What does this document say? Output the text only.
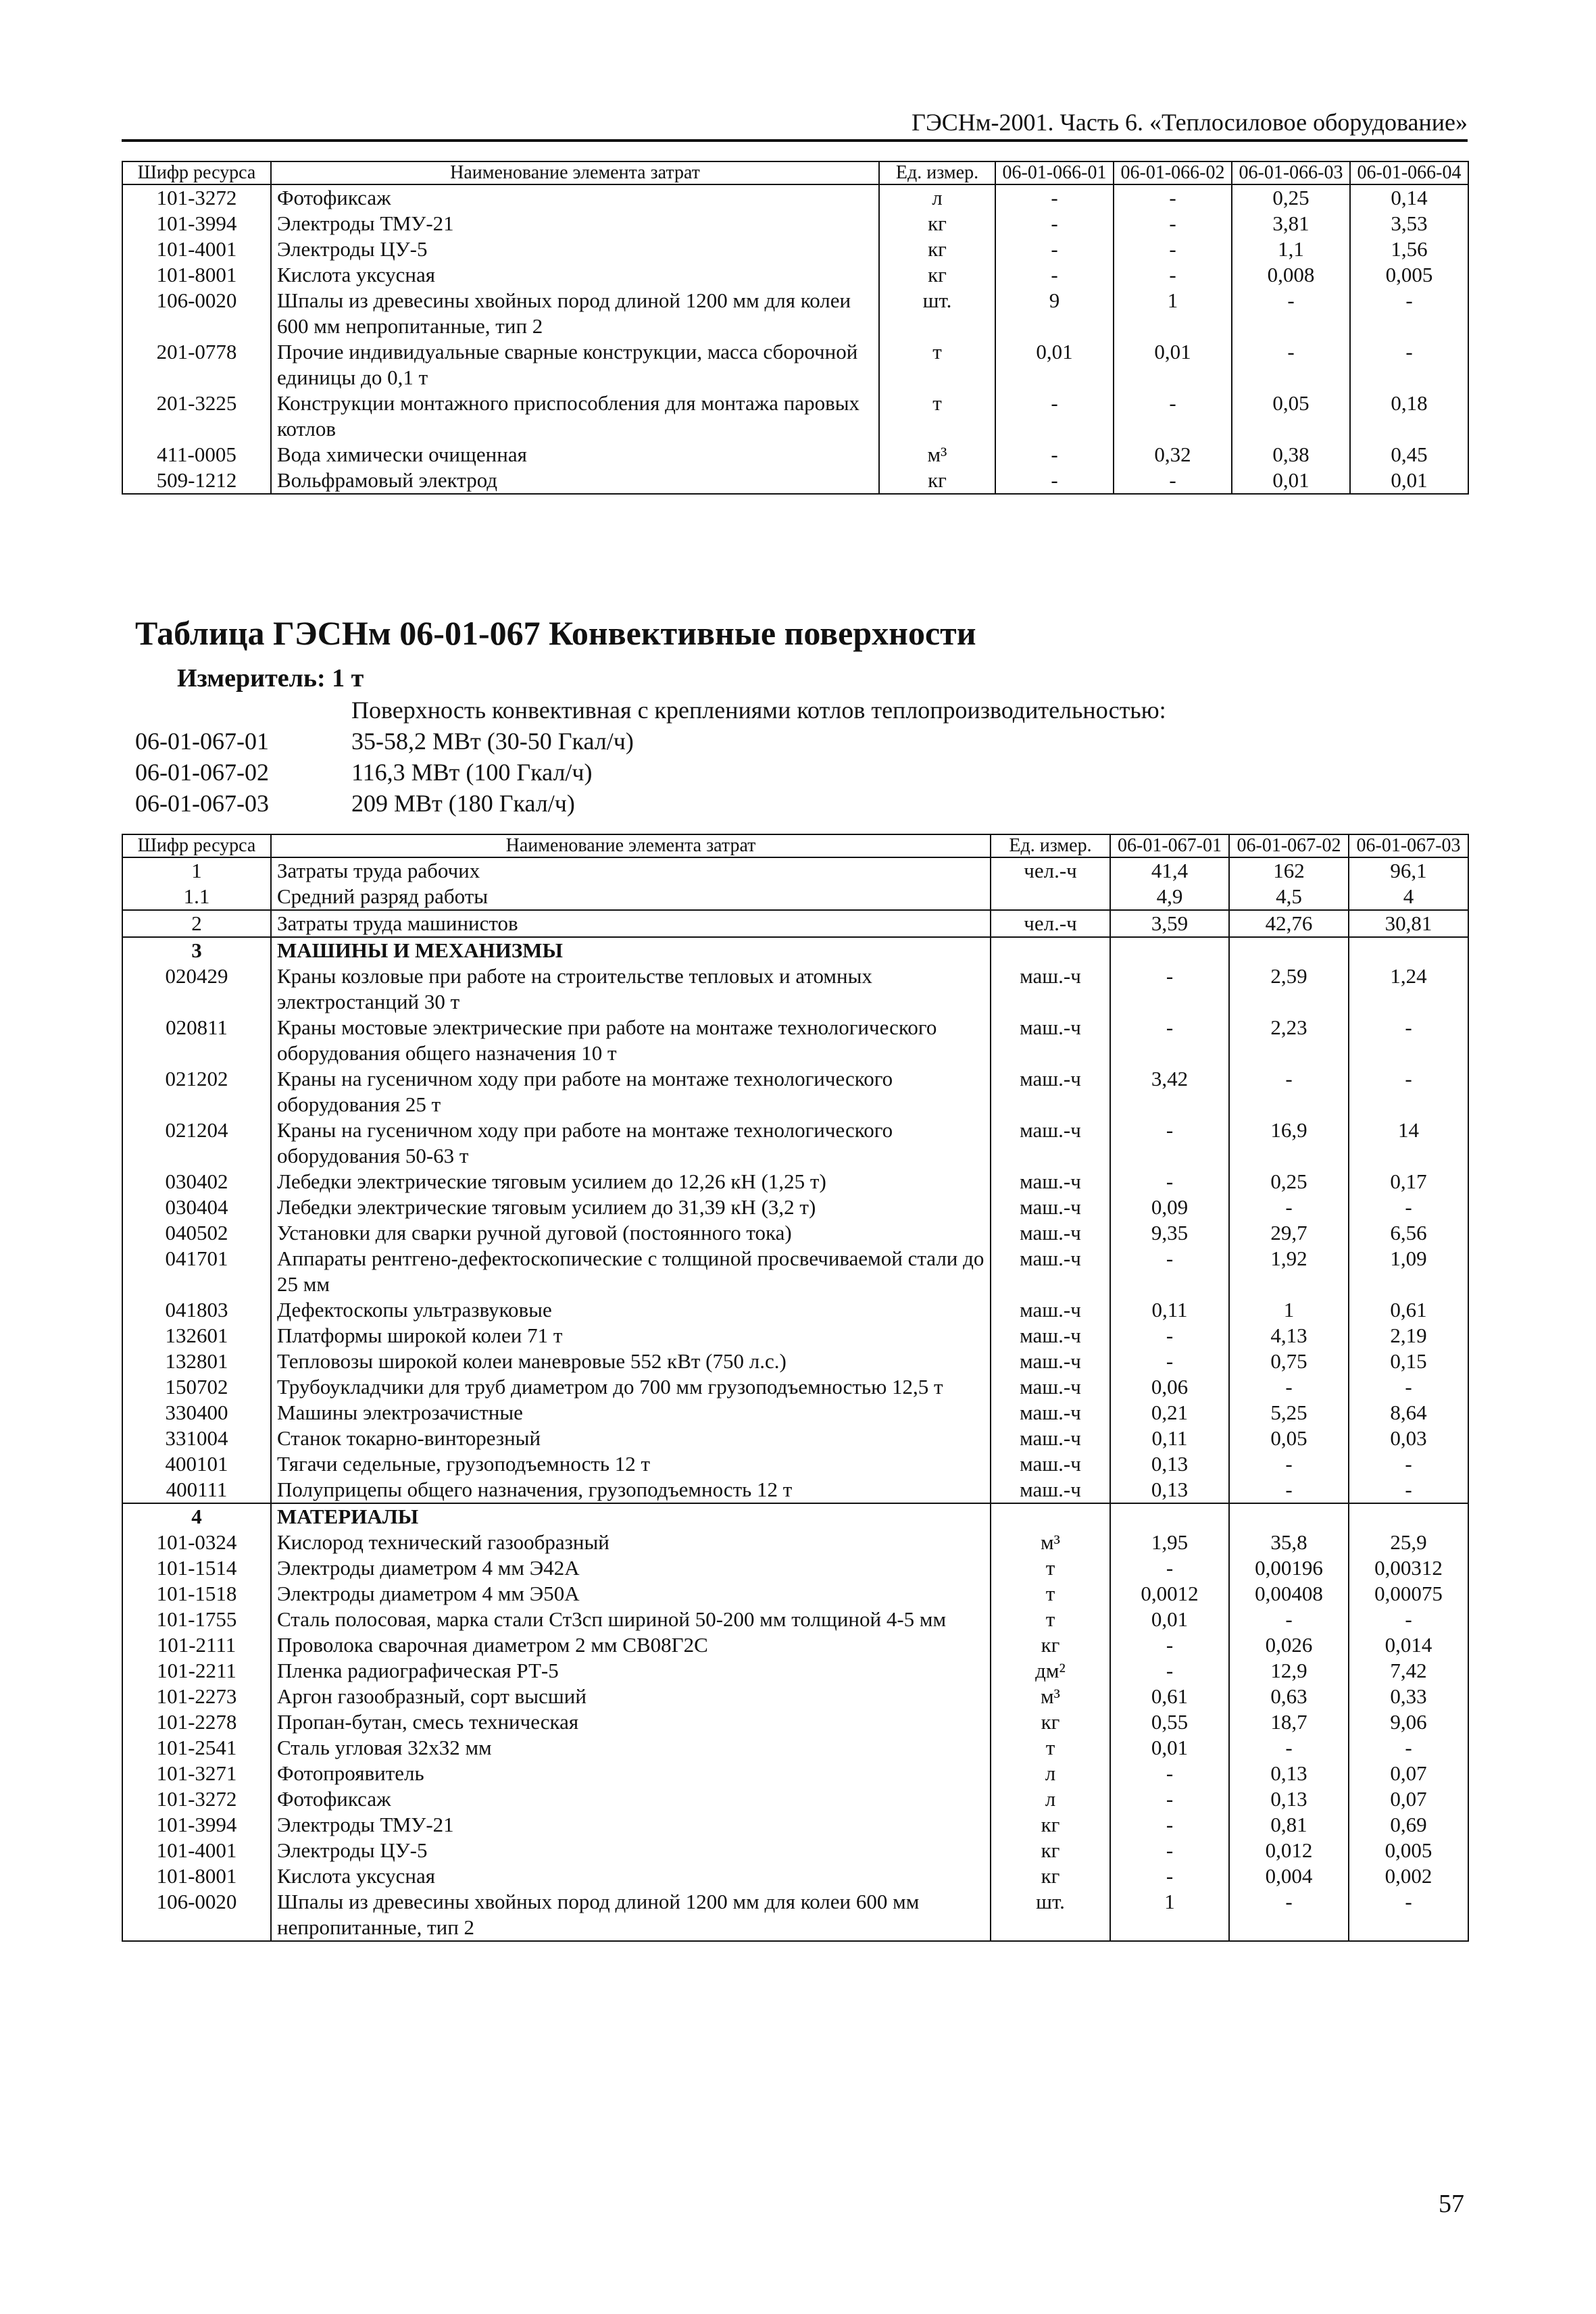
ГЭСНм-2001. Часть 6. «Теплосиловое оборудование»
Шифр ресурса	Наименование элемента затрат	Ед. измер.	06-01-066-01	06-01-066-02	06-01-066-03	06-01-066-04
101-3272	Фотофиксаж	л	-	-	0,25	0,14
101-3994	Электроды ТМУ-21	кг	-	-	3,81	3,53
101-4001	Электроды ЦУ-5	кг	-	-	1,1	1,56
101-8001	Кислота уксусная	кг	-	-	0,008	0,005
106-0020	Шпалы из древесины хвойных пород длиной 1200 мм для колеи 600 мм непропитанные, тип 2	шт.	9	1	-	-
201-0778	Прочие индивидуальные сварные конструкции, масса сборочной единицы до 0,1 т	т	0,01	0,01	-	-
201-3225	Конструкции монтажного приспособления для монтажа паровых котлов	т	-	-	0,05	0,18
411-0005	Вода химически очищенная	м³	-	0,32	0,38	0,45
509-1212	Вольфрамовый электрод	кг	-	-	0,01	0,01
Таблица ГЭСНм 06-01-067 Конвективные поверхности
Измеритель: 1 т
Поверхность конвективная с креплениями котлов теплопроизводительностью:
06-01-067-01	35-58,2 МВт (30-50 Гкал/ч)
06-01-067-02	116,3 МВт (100 Гкал/ч)
06-01-067-03	209 МВт (180 Гкал/ч)
Шифр ресурса	Наименование элемента затрат	Ед. измер.	06-01-067-01	06-01-067-02	06-01-067-03
1	Затраты труда рабочих	чел.-ч	41,4	162	96,1
1.1	Средний разряд работы		4,9	4,5	4
2	Затраты труда машинистов	чел.-ч	3,59	42,76	30,81
3	МАШИНЫ И МЕХАНИЗМЫ				
020429	Краны козловые при работе на строительстве тепловых и атомных электростанций 30 т	маш.-ч	-	2,59	1,24
020811	Краны мостовые электрические при работе на монтаже технологического оборудования общего назначения 10 т	маш.-ч	-	2,23	-
021202	Краны на гусеничном ходу при работе на монтаже технологического оборудования 25 т	маш.-ч	3,42	-	-
021204	Краны на гусеничном ходу при работе на монтаже технологического оборудования 50-63 т	маш.-ч	-	16,9	14
030402	Лебедки электрические тяговым усилием до 12,26 кН (1,25 т)	маш.-ч	-	0,25	0,17
030404	Лебедки электрические тяговым усилием до 31,39 кН (3,2 т)	маш.-ч	0,09	-	-
040502	Установки для сварки ручной дуговой (постоянного тока)	маш.-ч	9,35	29,7	6,56
041701	Аппараты рентгено-дефектоскопические с толщиной просвечиваемой стали до 25 мм	маш.-ч	-	1,92	1,09
041803	Дефектоскопы ультразвуковые	маш.-ч	0,11	1	0,61
132601	Платформы широкой колеи 71 т	маш.-ч	-	4,13	2,19
132801	Тепловозы широкой колеи маневровые 552 кВт (750 л.с.)	маш.-ч	-	0,75	0,15
150702	Трубоукладчики для труб диаметром до 700 мм грузоподъемностью 12,5 т	маш.-ч	0,06	-	-
330400	Машины электрозачистные	маш.-ч	0,21	5,25	8,64
331004	Станок токарно-винторезный	маш.-ч	0,11	0,05	0,03
400101	Тягачи седельные, грузоподъемность 12 т	маш.-ч	0,13	-	-
400111	Полуприцепы общего назначения, грузоподъемность 12 т	маш.-ч	0,13	-	-
4	МАТЕРИАЛЫ				
101-0324	Кислород технический газообразный	м³	1,95	35,8	25,9
101-1514	Электроды диаметром 4 мм Э42А	т	-	0,00196	0,00312
101-1518	Электроды диаметром 4 мм Э50А	т	0,0012	0,00408	0,00075
101-1755	Сталь полосовая, марка стали Ст3сп шириной 50-200 мм толщиной 4-5 мм	т	0,01	-	-
101-2111	Проволока сварочная диаметром 2 мм СВ08Г2С	кг	-	0,026	0,014
101-2211	Пленка радиографическая РТ-5	дм²	-	12,9	7,42
101-2273	Аргон газообразный, сорт высший	м³	0,61	0,63	0,33
101-2278	Пропан-бутан, смесь техническая	кг	0,55	18,7	9,06
101-2541	Сталь угловая 32х32 мм	т	0,01	-	-
101-3271	Фотопроявитель	л	-	0,13	0,07
101-3272	Фотофиксаж	л	-	0,13	0,07
101-3994	Электроды ТМУ-21	кг	-	0,81	0,69
101-4001	Электроды ЦУ-5	кг	-	0,012	0,005
101-8001	Кислота уксусная	кг	-	0,004	0,002
106-0020	Шпалы из древесины хвойных пород длиной 1200 мм для колеи 600 мм непропитанные, тип 2	шт.	1	-	-
57
